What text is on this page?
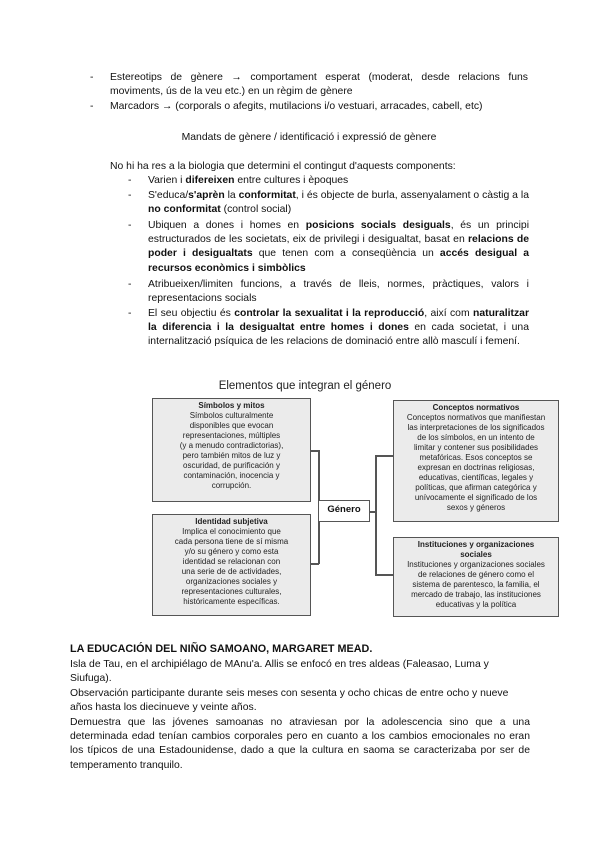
- Estereotips de gènere → comportament esperat (moderat, desde relacions funs moviments, ús de la veu etc.) en un règim de gènere
- Marcadors → (corporals o afegits, mutilacions i/o vestuari, arracades, cabell, etc)
Mandats de gènere / identificació i expressió de gènere
No hi ha res a la biologia que determini el contingut d'aquests components:
- Varien i difereixen entre cultures i èpoques
- S'educa/s'aprèn la conformitat, i és objecte de burla, assenyalament o càstig a la no conformitat (control social)
- Ubiquen a dones i homes en posicions socials desiguals, és un principi estructurados de les societats, eix de privilegi i desigualtat, basat en relacions de poder i desigualtats que tenen com a conseqüència un accés desigual a recursos econòmics i simbòlics
- Atribueixen/limiten funcions, a través de lleis, normes, pràctiques, valors i representacions socials
- El seu objectiu és controlar la sexualitat i la reproducció, així com naturalitzar la diferencia i la desigualtat entre homes i dones en cada societat, i una internalització psíquica de les relacions de dominació entre allò masculí i femení.
Elementos que integran el género
Símbolos y mitos
Símbolos culturalmente
disponibles que evocan
representaciones, múltiples
(y a menudo contradictorias),
pero también mitos de luz y
oscuridad, de purificación y
contaminación, inocencia y
corrupción.
Identidad subjetiva
Implica el conocimiento que
cada persona tiene de sí misma
y/o su género y como esta
identidad se relacionan con
una serie de de actividades,
organizaciones sociales y
representaciones culturales,
históricamente específicas.
Género
Conceptos normativos
Conceptos normativos que manifiestan
las interpretaciones de los significados
de los símbolos, en un intento de
limitar y contener sus posibilidades
metafóricas. Esos conceptos se
expresan en doctrinas religiosas,
educativas, científicas, legales y
políticas, que afirman categórica y
unívocamente el significado de los
sexos y géneros
Instituciones y organizaciones
sociales
Instituciones y organizaciones sociales
de relaciones de género como el
sistema de parentesco, la familia, el
mercado de trabajo, las instituciones
educativas y la política
LA EDUCACIÓN DEL NIÑO SAMOANO, MARGARET MEAD.
Isla de Tau, en el archipiélago de MAnu'a. Allis se enfocó en tres aldeas (Faleasao, Luma y Siufuga).
Observación participante durante seis meses con sesenta y ocho chicas de entre ocho y nueve años hasta los diecinueve y veinte años.
Demuestra que las jóvenes samoanas no atraviesan por la adolescencia sino que a una determinada edad tenían cambios corporales pero en cuanto a los cambios emocionales no eran los típicos de una Estadounidense, dado a que la cultura en saoma se caracterizaba por ser de temperamento tranquilo.
